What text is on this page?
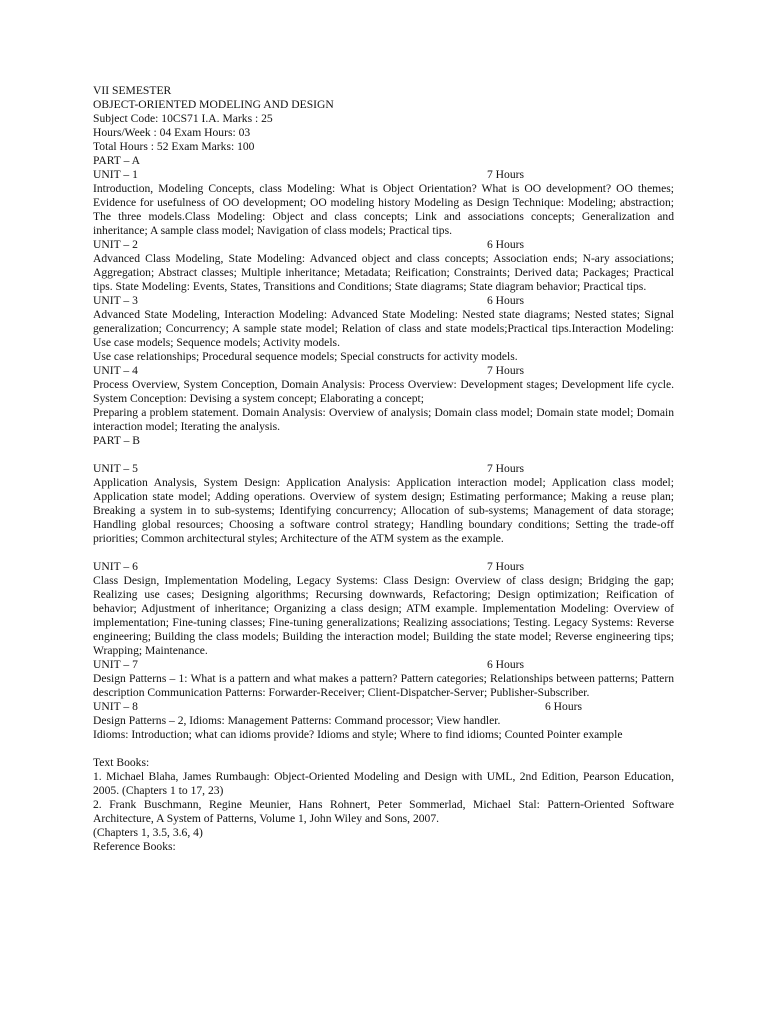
VII SEMESTER
OBJECT-ORIENTED MODELING AND DESIGN
Subject Code: 10CS71 I.A. Marks : 25
Hours/Week : 04 Exam Hours: 03
Total Hours : 52 Exam Marks: 100
PART – A
UNIT – 1	7 Hours
Introduction, Modeling Concepts, class Modeling: What is Object Orientation? What is OO development? OO themes; Evidence for usefulness of OO development; OO modeling history Modeling as Design Technique: Modeling; abstraction; The three models.Class Modeling: Object and class concepts; Link and associations concepts; Generalization and inheritance; A sample class model; Navigation of class models; Practical tips.
UNIT – 2	6 Hours
Advanced Class Modeling, State Modeling: Advanced object and class concepts; Association ends; N-ary associations; Aggregation; Abstract classes; Multiple inheritance; Metadata; Reification; Constraints; Derived data; Packages; Practical tips. State Modeling: Events, States, Transitions and Conditions; State diagrams; State diagram behavior; Practical tips.
UNIT – 3	6 Hours
Advanced State Modeling, Interaction Modeling: Advanced State Modeling: Nested state diagrams; Nested states; Signal generalization; Concurrency; A sample state model; Relation of class and state models;Practical tips.Interaction Modeling: Use case models; Sequence models; Activity models.
Use case relationships; Procedural sequence models; Special constructs for activity models.
UNIT – 4	7 Hours
Process Overview, System Conception, Domain Analysis: Process Overview: Development stages; Development life cycle. System Conception: Devising a system concept; Elaborating a concept;
Preparing a problem statement. Domain Analysis: Overview of analysis; Domain class model; Domain state model; Domain interaction model; Iterating the analysis.
PART – B
UNIT – 5	7 Hours
Application Analysis, System Design: Application Analysis: Application interaction model; Application class model; Application state model; Adding operations. Overview of system design; Estimating performance; Making a reuse plan; Breaking a system in to sub-systems; Identifying concurrency; Allocation of sub-systems; Management of data storage; Handling global resources; Choosing a software control strategy; Handling boundary conditions; Setting the trade-off priorities; Common architectural styles; Architecture of the ATM system as the example.
UNIT – 6	7 Hours
Class Design, Implementation Modeling, Legacy Systems: Class Design: Overview of class design; Bridging the gap; Realizing use cases; Designing algorithms; Recursing downwards, Refactoring; Design optimization; Reification of behavior; Adjustment of inheritance; Organizing a class design; ATM example. Implementation Modeling: Overview of implementation; Fine-tuning classes; Fine-tuning generalizations; Realizing associations; Testing. Legacy Systems: Reverse engineering; Building the class models; Building the interaction model; Building the state model; Reverse engineering tips; Wrapping; Maintenance.
UNIT – 7	6 Hours
Design Patterns – 1: What is a pattern and what makes a pattern? Pattern categories; Relationships between patterns; Pattern description Communication Patterns: Forwarder-Receiver; Client-Dispatcher-Server; Publisher-Subscriber.
UNIT – 8	6 Hours
Design Patterns – 2, Idioms: Management Patterns: Command processor; View handler.
Idioms: Introduction; what can idioms provide? Idioms and style; Where to find idioms; Counted Pointer example
Text Books:
1. Michael Blaha, James Rumbaugh: Object-Oriented Modeling and Design with UML, 2nd Edition, Pearson Education, 2005. (Chapters 1 to 17, 23)
2. Frank Buschmann, Regine Meunier, Hans Rohnert, Peter Sommerlad, Michael Stal: Pattern-Oriented Software Architecture, A System of Patterns, Volume 1, John Wiley and Sons, 2007.
(Chapters 1, 3.5, 3.6, 4)
Reference Books:
